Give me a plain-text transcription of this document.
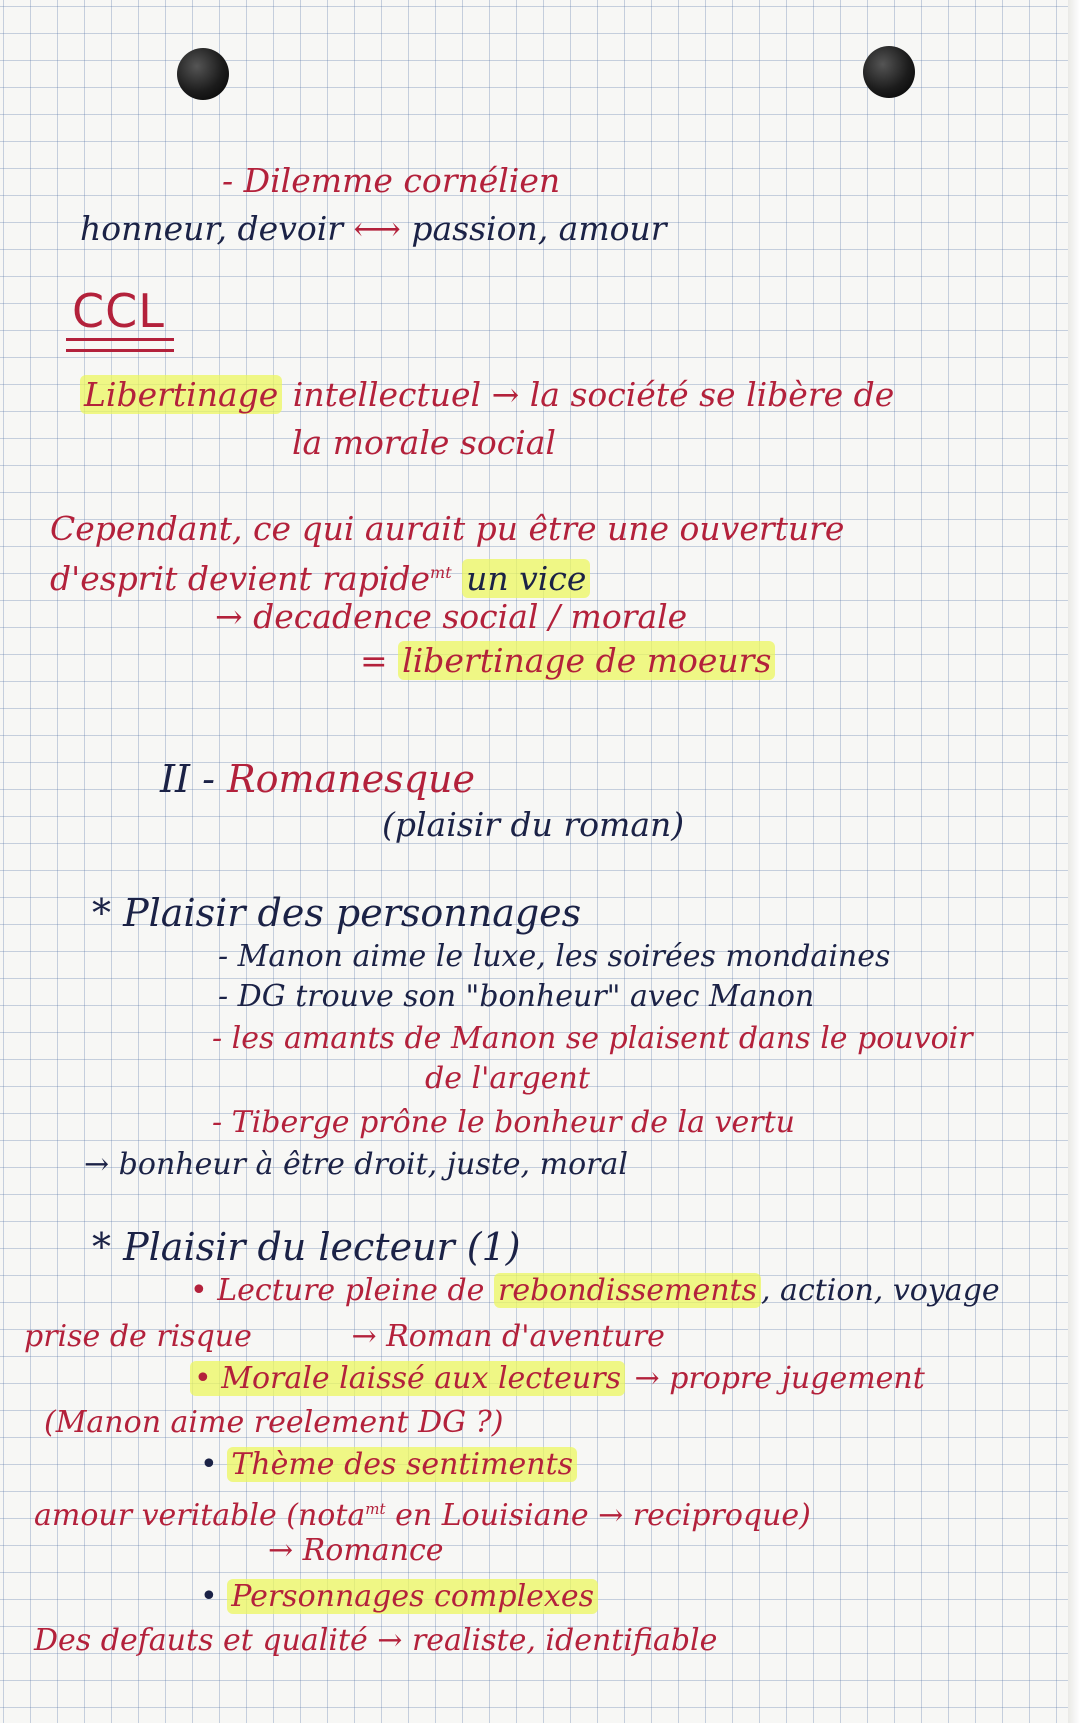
- Dilemme cornélien
honneur, devoir ⟷ passion, amour
CCL
Libertinage intellectuel → la société se libère de
la morale social
Cependant, ce qui aurait pu être une ouverture
d'esprit devient rapide$^{mt}$ un vice
→ decadence social / morale
= libertinage de moeurs
II - Romanesque
(plaisir du roman)
* Plaisir des personnages
- Manon aime le luxe, les soirées mondaines
- DG trouve son "bonheur" avec Manon
- les amants de Manon se plaisent dans le pouvoir
de l'argent
- Tiberge prône le bonheur de la vertu
→ bonheur à être droit, juste, moral
* Plaisir du lecteur (1)
• Lecture pleine de rebondissements , action, voyage
prise de risque	→ Roman d'aventure
• Morale laissé aux lecteurs → propre jugement
(Manon aime reelement DG ?)
• Thème des sentiments
amour veritable (nota$^{mt}$ en Louisiane → reciproque)
→ Romance
• Personnages complexes
Des defauts et qualité → realiste, identifiable
